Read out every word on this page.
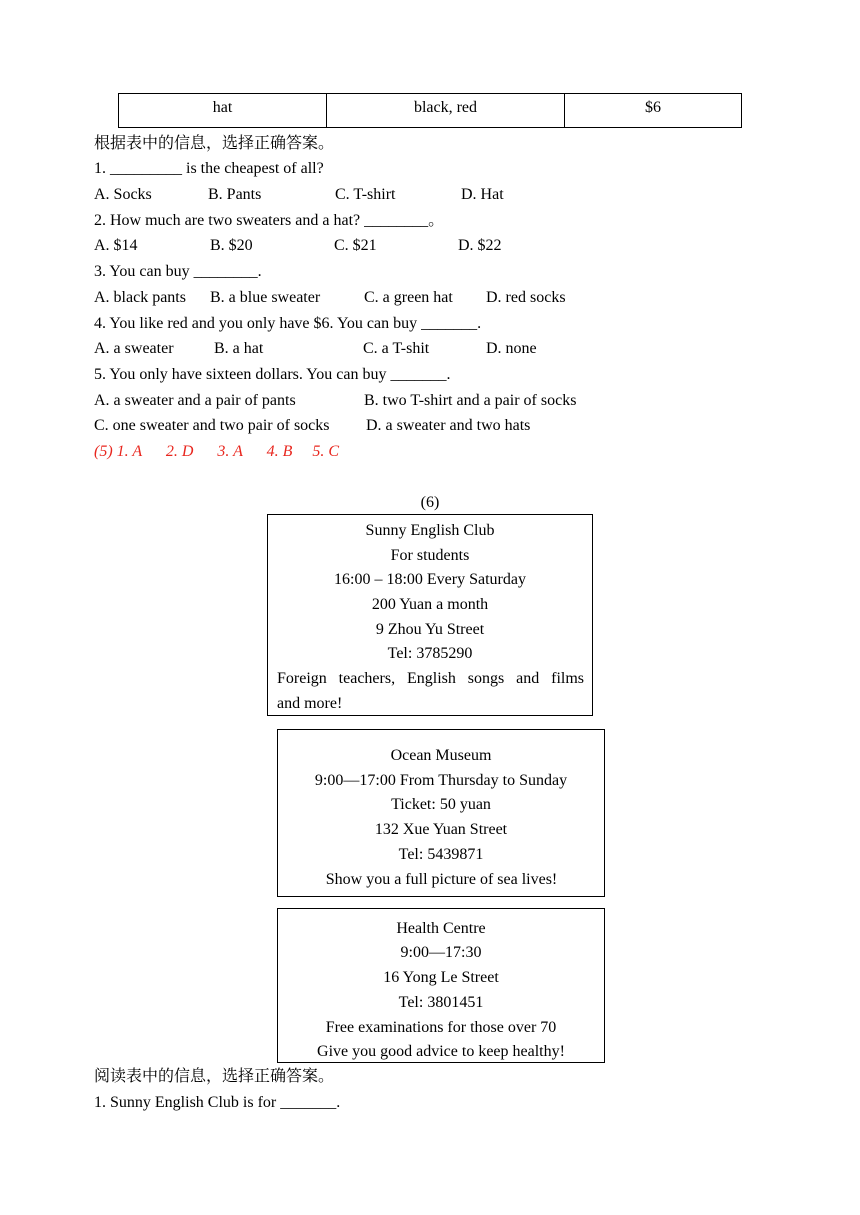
hat	black, red	$6
根据表中的信息，选择正确答案。
1. _________ is the cheapest of all?
A. Socks	B. Pants	C. T-shirt	D. Hat
2. How much are two sweaters and a hat? ________。
A. $14	B. $20	C. $21	D. $22
3. You can buy ________.
A. black pants B. a blue sweater	C. a green hat D. red socks
4. You like red and you only have $6. You can buy _______.
A. a sweater	B. a hat	C. a T-shit	D. none
5. You only have sixteen dollars. You can buy _______.
A. a sweater and a pair of pants	B. two T-shirt and a pair of socks
C. one sweater and two pair of socks D. a sweater and two hats
(5) 1. A      2. D      3. A      4. B     5. C
(6)
Sunny English Club
For students
16:00 – 18:00 Every Saturday
200 Yuan a month
9 Zhou Yu Street
Tel: 3785290
Foreign teachers, English songs and films
and more!
Ocean Museum
9:00—17:00 From Thursday to Sunday
Ticket: 50 yuan
132 Xue Yuan Street
Tel: 5439871
Show you a full picture of sea lives!
Health Centre
9:00—17:30
16 Yong Le Street
Tel: 3801451
Free examinations for those over 70
Give you good advice to keep healthy!
阅读表中的信息，选择正确答案。
1. Sunny English Club is for _______.
